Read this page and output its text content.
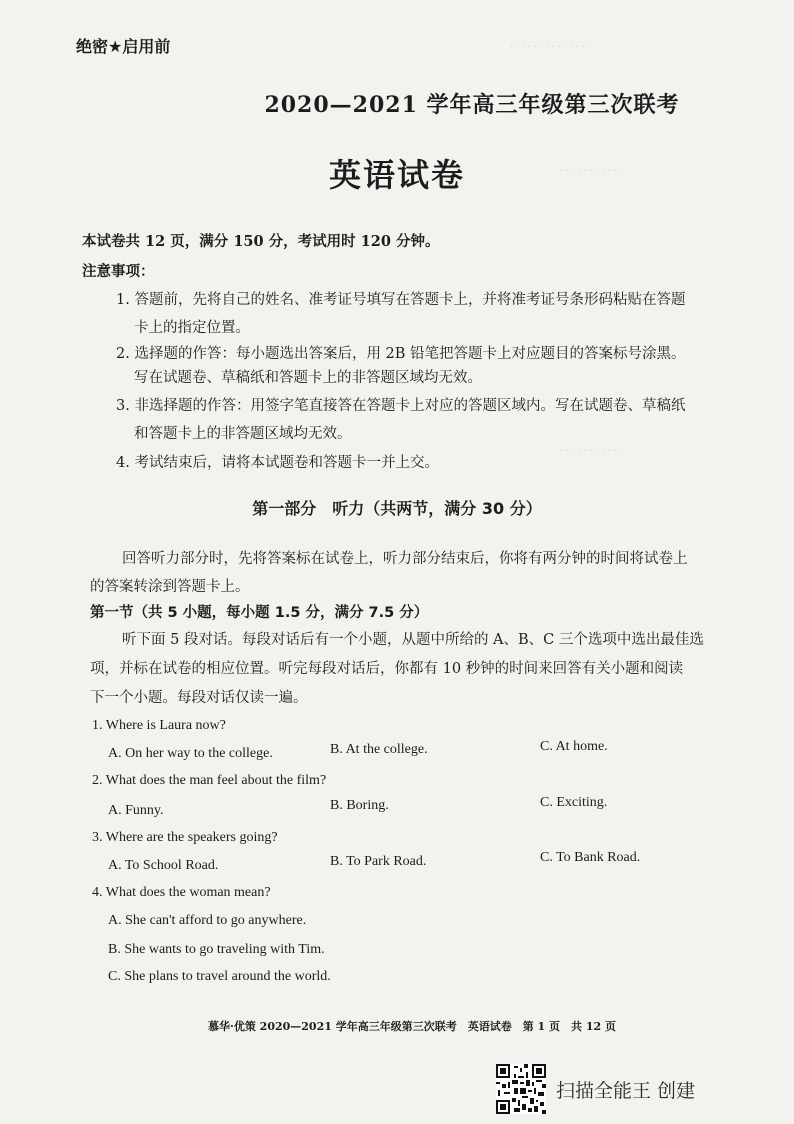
. . . . . . . . . . . . . .
. . . . . . . . . . .
. . . . . . . . . . .
绝密★启用前
2020—2021 学年高三年级第三次联考
英语试卷
本试卷共 12 页，满分 150 分，考试用时 120 分钟。
注意事项：
1. 答题前，先将自己的姓名、准考证号填写在答题卡上，并将准考证号条形码粘贴在答题
卡上的指定位置。
2. 选择题的作答：每小题选出答案后，用 2B 铅笔把答题卡上对应题目的答案标号涂黑。
写在试题卷、草稿纸和答题卡上的非答题区域均无效。
3. 非选择题的作答：用签字笔直接答在答题卡上对应的答题区域内。写在试题卷、草稿纸
和答题卡上的非答题区域均无效。
4. 考试结束后，请将本试题卷和答题卡一并上交。
第一部分　听力（共两节，满分 30 分）
回答听力部分时，先将答案标在试卷上，听力部分结束后，你将有两分钟的时间将试卷上
的答案转涂到答题卡上。
第一节（共 5 小题，每小题 1.5 分，满分 7.5 分）
听下面 5 段对话。每段对话后有一个小题，从题中所给的 A、B、C 三个选项中选出最佳选
项，并标在试卷的相应位置。听完每段对话后，你都有 10 秒钟的时间来回答有关小题和阅读
下一个小题。每段对话仅读一遍。
1. Where is Laura now?
A. On her way to the college.	B. At the college.	C. At home.
2. What does the man feel about the film?
A. Funny.	B. Boring.	C. Exciting.
3. Where are the speakers going?
A. To School Road.	B. To Park Road.	C. To Bank Road.
4. What does the woman mean?
A. She can't afford to go anywhere.
B. She wants to go traveling with Tim.
C. She plans to travel around the world.
慕华·优策 2020—2021 学年高三年级第三次联考　英语试卷　第 1 页　共 12 页
扫描全能王 创建
